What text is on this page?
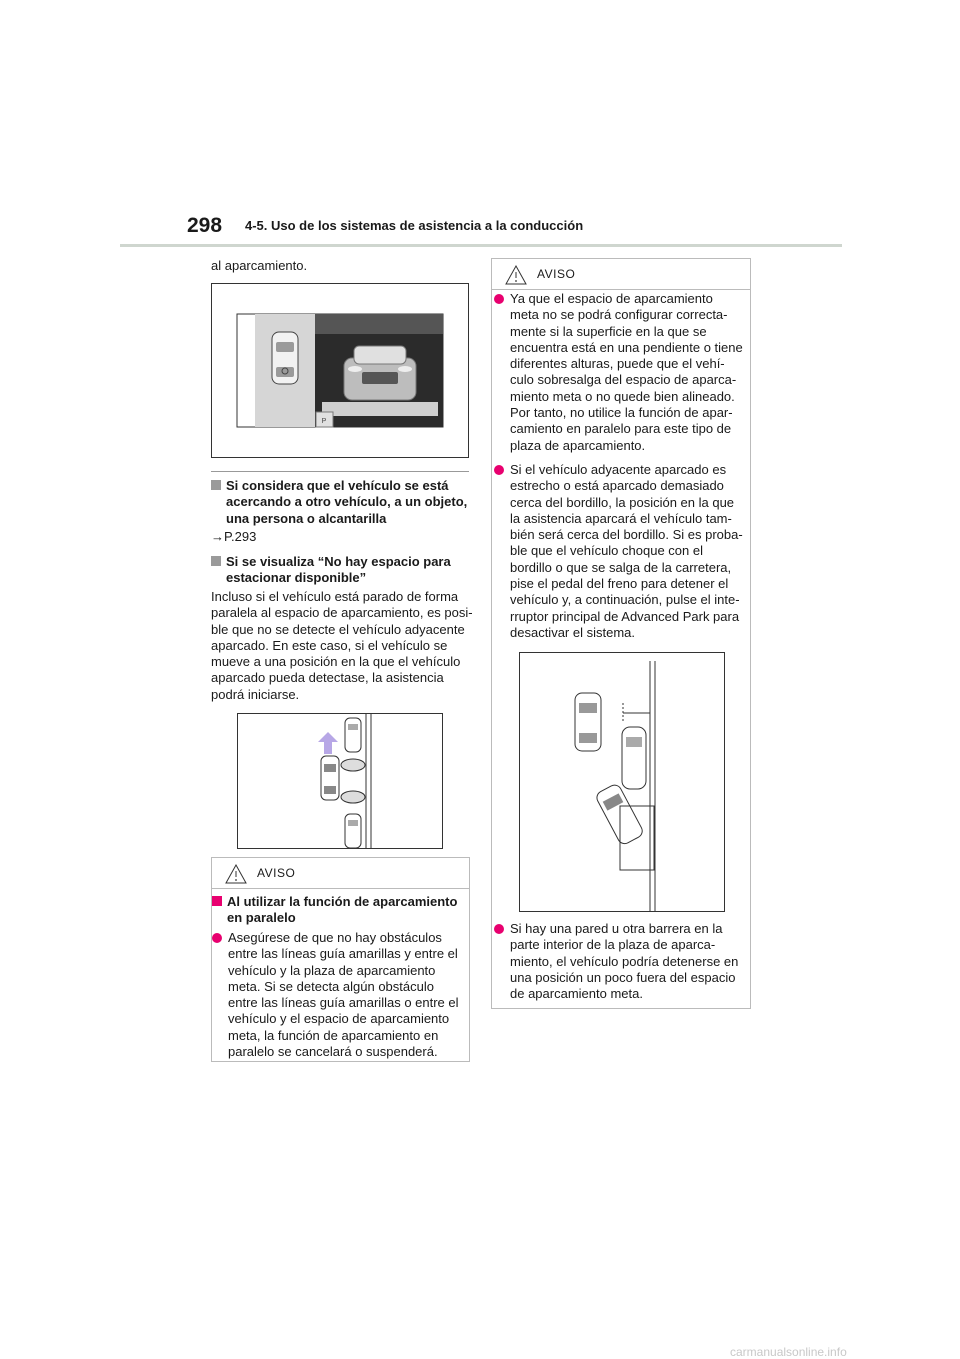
298 4-5. Uso de los sistemas de asistencia a la conducción
al aparcamiento.
P
Si considera que el vehículo se está
acercando a otro vehículo, a un objeto,
una persona o alcantarilla
→P.293
Si se visualiza “No hay espacio para
estacionar disponible”
Incluso si el vehículo está parado de forma
paralela al espacio de aparcamiento, es posi-
ble que no se detecte el vehículo adyacente
aparcado. En este caso, si el vehículo se
mueve a una posición en la que el vehículo
aparcado pueda detectase, la asistencia
podrá iniciarse.
AVISO
Al utilizar la función de aparcamiento
en paralelo
Asegúrese de que no hay obstáculos
entre las líneas guía amarillas y entre el
vehículo y la plaza de aparcamiento
meta. Si se detecta algún obstáculo
entre las líneas guía amarillas o entre el
vehículo y el espacio de aparcamiento
meta, la función de aparcamiento en
paralelo se cancelará o suspenderá.
AVISO
Ya que el espacio de aparcamiento
meta no se podrá configurar correcta-
mente si la superficie en la que se
encuentra está en una pendiente o tiene
diferentes alturas, puede que el vehí-
culo sobresalga del espacio de aparca-
miento meta o no quede bien alineado.
Por tanto, no utilice la función de apar-
camiento en paralelo para este tipo de
plaza de aparcamiento.
Si el vehículo adyacente aparcado es
estrecho o está aparcado demasiado
cerca del bordillo, la posición en la que
la asistencia aparcará el vehículo tam-
bién será cerca del bordillo. Si es proba-
ble que el vehículo choque con el
bordillo o que se salga de la carretera,
pise el pedal del freno para detener el
vehículo y, a continuación, pulse el inte-
rruptor principal de Advanced Park para
desactivar el sistema.
Si hay una pared u otra barrera en la
parte interior de la plaza de aparca-
miento, el vehículo podría detenerse en
una posición un poco fuera del espacio
de aparcamiento meta.
carmanualsonline.info
